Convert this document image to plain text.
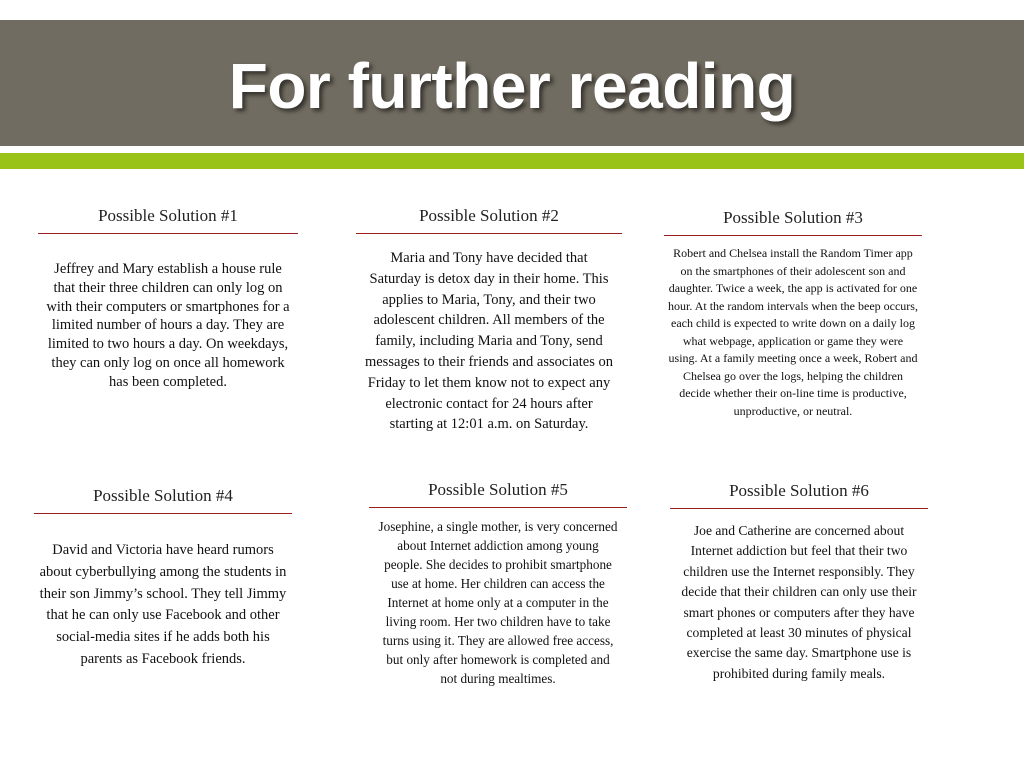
For further reading
Possible Solution #1
Jeffrey and Mary establish a house rule that their three children can only log on with their computers or smartphones for a limited number of hours a day. They are limited to two hours a day. On weekdays, they can only log on once all homework has been completed.
Possible Solution #2
Maria and Tony have decided that Saturday is detox day in their home. This applies to Maria, Tony, and their two adolescent children. All members of the family, including Maria and Tony, send messages to their friends and associates on Friday to let them know not to expect any electronic contact for 24 hours after starting at 12:01 a.m. on Saturday.
Possible Solution #3
Robert and Chelsea install the Random Timer app on the smartphones of their adolescent son and daughter. Twice a week, the app is activated for one hour. At the random intervals when the beep occurs, each child is expected to write down on a daily log what webpage, application or game they were using. At a family meeting once a week, Robert and Chelsea go over the logs, helping the children decide whether their on-line time is productive, unproductive, or neutral.
Possible Solution #4
David and Victoria have heard rumors about cyberbullying among the students in their son Jimmy’s school. They tell Jimmy that he can only use Facebook and other social-media sites if he adds both his parents as Facebook friends.
Possible Solution #5
Josephine, a single mother, is very concerned about Internet addiction among young people. She decides to prohibit smartphone use at home. Her children can access the Internet at home only at a computer in the living room. Her two children have to take turns using it. They are allowed free access, but only after homework is completed and not during mealtimes.
Possible Solution #6
Joe and Catherine are concerned about Internet addiction but feel that their two children use the Internet responsibly. They decide that their children can only use their smart phones or computers after they have completed at least 30 minutes of physical exercise the same day. Smartphone use is prohibited during family meals.
